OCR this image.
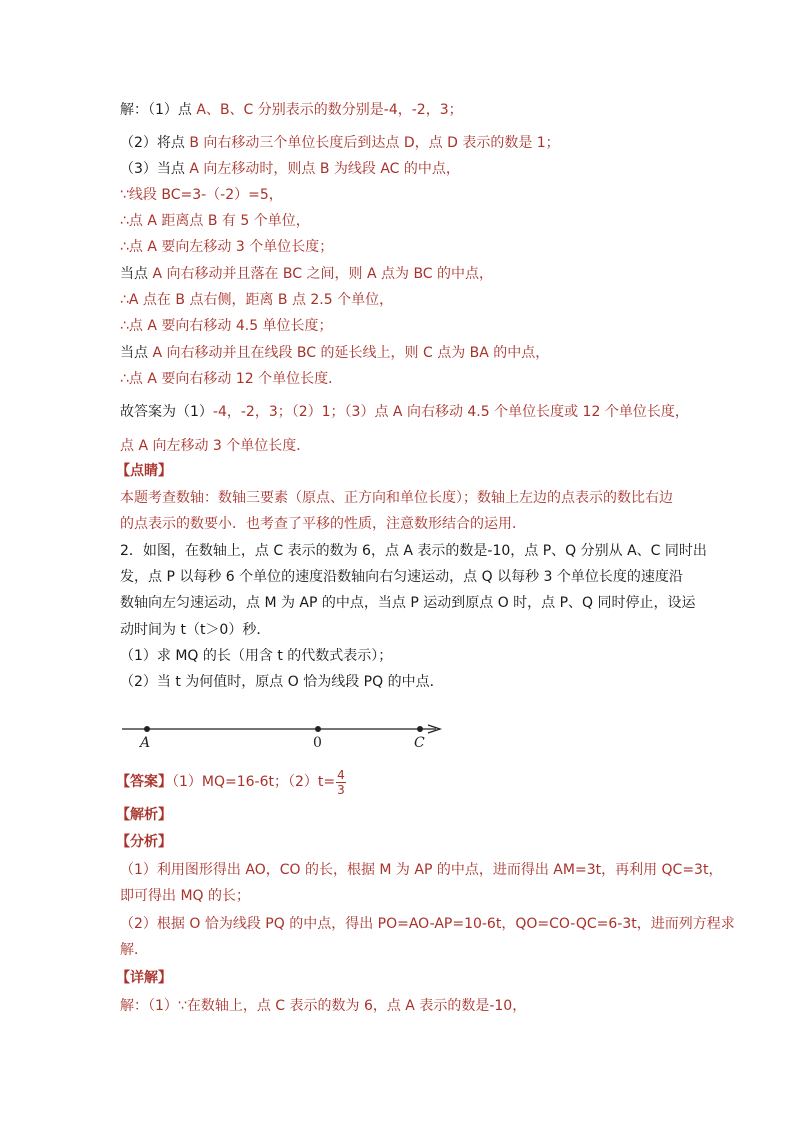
解：（1）点 A、B、C 分别表示的数分别是-4，-2，3；
（2）将点 B 向右移动三个单位长度后到达点 D，点 D 表示的数是 1；
（3）当点 A 向左移动时，则点 B 为线段 AC 的中点，
∵线段 BC=3-（-2）=5，
∴点 A 距离点 B 有 5 个单位，
∴点 A 要向左移动 3 个单位长度；
当点 A 向右移动并且落在 BC 之间，则 A 点为 BC 的中点，
∴A 点在 B 点右侧，距离 B 点 2.5 个单位，
∴点 A 要向右移动 4.5 单位长度；
当点 A 向右移动并且在线段 BC 的延长线上，则 C 点为 BA 的中点，
∴点 A 要向右移动 12 个单位长度．
故答案为（1）-4，-2，3；（2）1；（3）点 A 向右移动 4.5 个单位长度或 12 个单位长度，
点 A 向左移动 3 个单位长度．
【点睛】
本题考查数轴：数轴三要素（原点、正方向和单位长度）；数轴上左边的点表示的数比右边
的点表示的数要小．也考查了平移的性质，注意数形结合的运用．
2．如图，在数轴上，点 C 表示的数为 6，点 A 表示的数是-10，点 P、Q 分别从 A、C 同时出
发，点 P 以每秒 6 个单位的速度沿数轴向右匀速运动，点 Q 以每秒 3 个单位长度的速度沿
数轴向左匀速运动，点 M 为 AP 的中点，当点 P 运动到原点 O 时，点 P、Q 同时停止，设运
动时间为 t（t＞0）秒．
（1）求 MQ 的长（用含 t 的代数式表示）；
（2）当 t 为何值时，原点 O 恰为线段 PQ 的中点．
A	0	C
【答案】（1）MQ=16-6t；$(2)t= \frac{4}{3}$
【解析】
【分析】
（1）利用图形得出 AO，CO 的长，根据 M 为 AP 的中点，进而得出 AM=3t，再利用 QC=3t，
即可得出 MQ 的长；
（2）根据 O 恰为线段 PQ 的中点，得出 PO=AO-AP=10-6t，QO=CO-QC=6-3t，进而列方程求
解．
【详解】
解：（1）∵在数轴上，点 C 表示的数为 6，点 A 表示的数是-10，
